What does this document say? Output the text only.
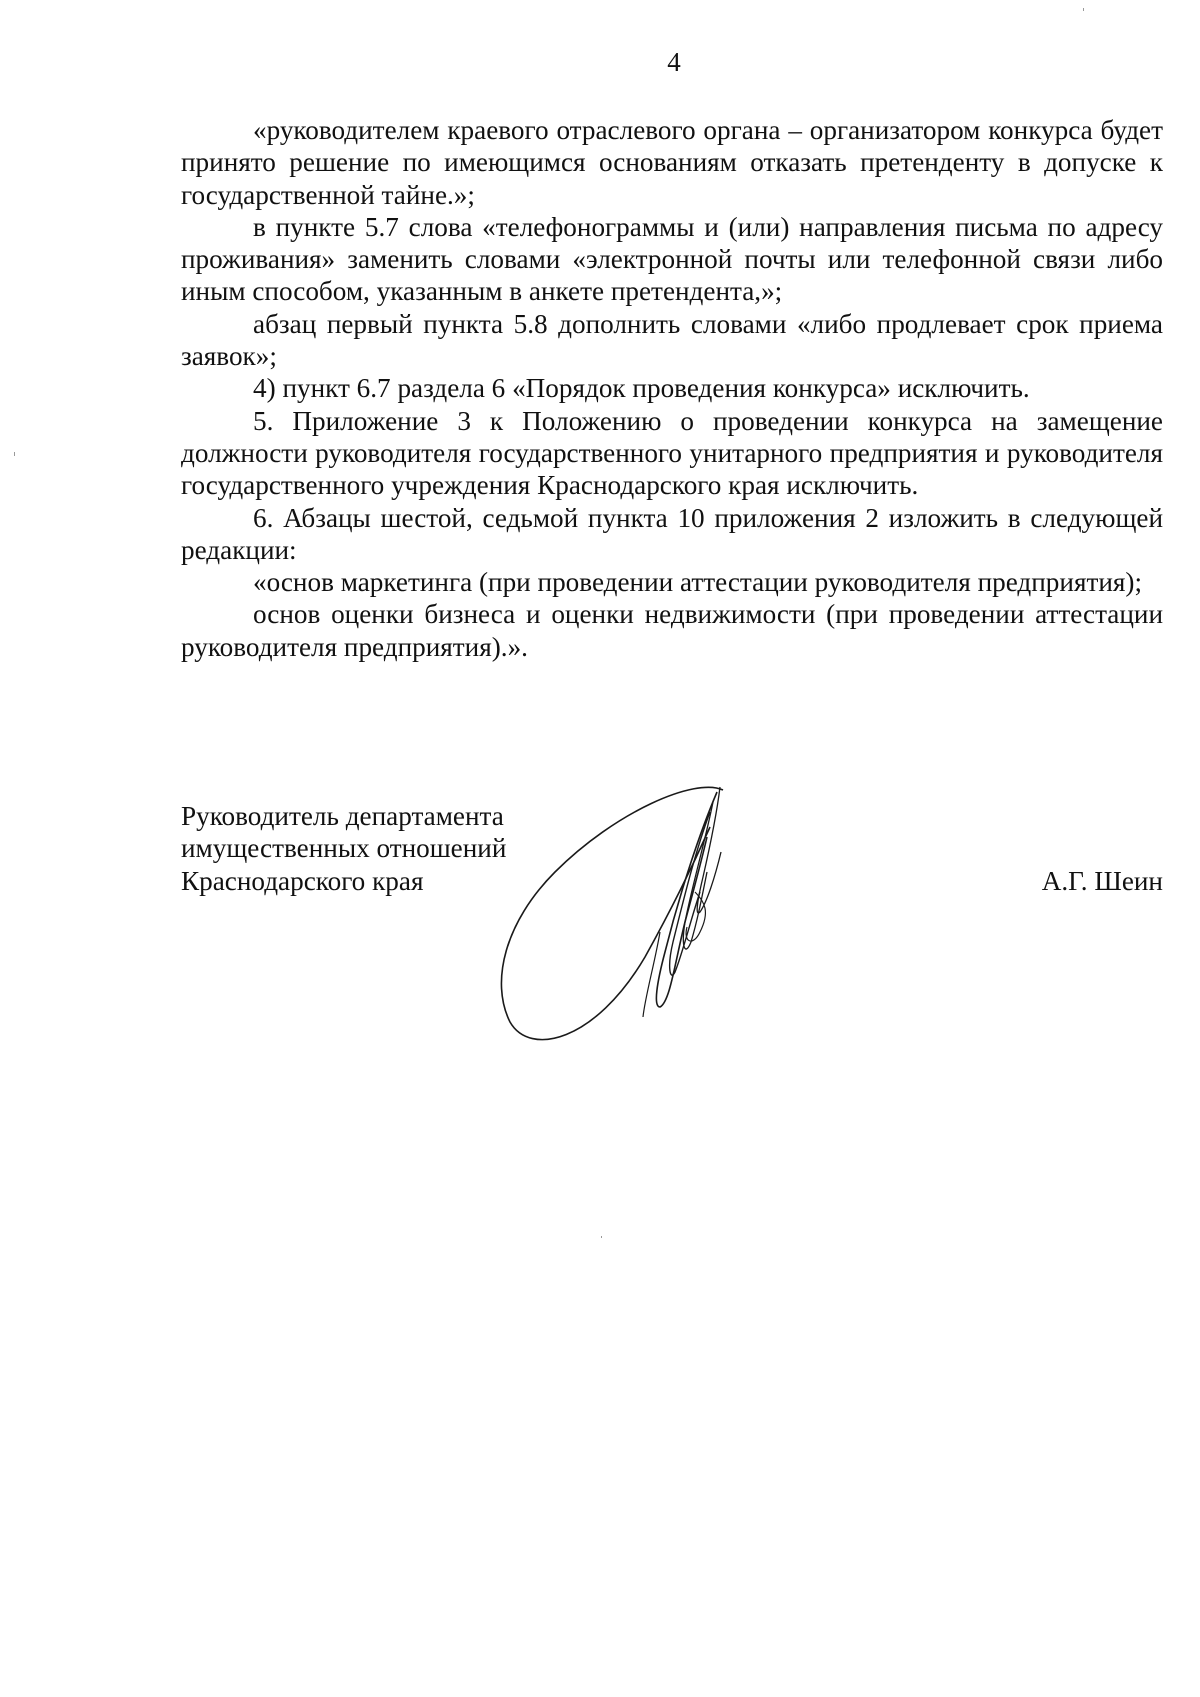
4

«руководителем краевого отраслевого органа – организатором конкурса будет принято решение по имеющимся основаниям отказать претенденту в допуске к государственной тайне.»;

в пункте 5.7 слова «телефонограммы и (или) направления письма по адресу проживания» заменить словами «электронной почты или телефонной связи либо иным способом, указанным в анкете претендента,»;

абзац первый пункта 5.8 дополнить словами «либо продлевает срок приема заявок»;

4) пункт 6.7 раздела 6 «Порядок проведения конкурса» исключить.

5. Приложение 3 к Положению о проведении конкурса на замещение должности руководителя государственного унитарного предприятия и руководителя государственного учреждения Краснодарского края исключить.

6. Абзацы шестой, седьмой пункта 10 приложения 2 изложить в следующей редакции:

«основ маркетинга (при проведении аттестации руководителя предприятия);

основ оценки бизнеса и оценки недвижимости (при проведении аттестации руководителя предприятия).».

Руководитель департамента
имущественных отношений
Краснодарского края	А.Г. Шеин
